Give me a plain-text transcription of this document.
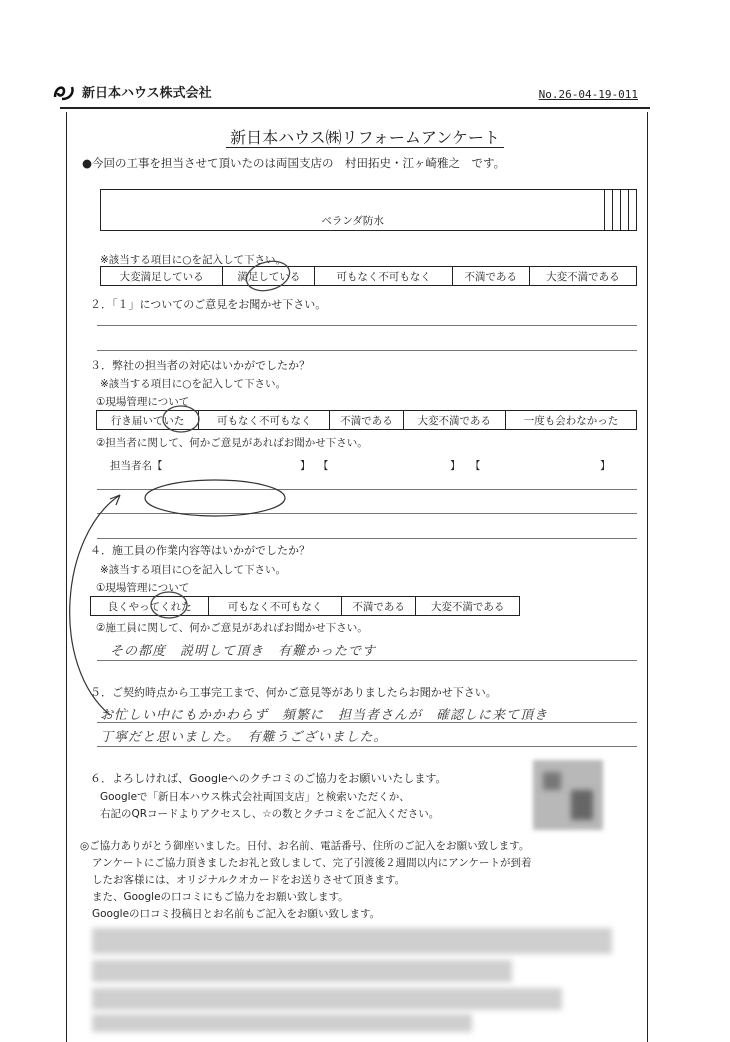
新日本ハウス株式会社	No.26-04-19-011
新日本ハウス㈱リフォームアンケート
●今回の工事を担当させて頂いたのは両国支店の　村田拓史・江ヶ崎雅之　です。
ベランダ防水				
※該当する項目に○を記入して下さい。
大変満足している	満足している	可もなく不可もなく	不満である	大変不満である
２．「１」についてのご意見をお聞かせ下さい。
３．弊社の担当者の対応はいかがでしたか？
※該当する項目に○を記入して下さい。
①現場管理について
行き届いていた	可もなく不可もなく	不満である	大変不満である	一度も会わなかった
②担当者に関して、何かご意見があればお聞かせ下さい。
担当者名【	】 【	】 【	】
４．施工員の作業内容等はいかがでしたか？
※該当する項目に○を記入して下さい。
①現場管理について
良くやってくれた	可もなく不可もなく	不満である	大変不満である
②施工員に関して、何かご意見があればお聞かせ下さい。
その都度　説明して頂き　有難かったです
５．ご契約時点から工事完工まで、何かご意見等がありましたらお聞かせ下さい。
お忙しい中にもかかわらず　頻繁に　担当者さんが　確認しに来て頂き
丁寧だと思いました。　有難うございました。
６．よろしければ、Googleへのクチコミのご協力をお願いいたします。
Googleで「新日本ハウス株式会社両国支店」と検索いただくか、
右記のQRコードよりアクセスし、☆の数とクチコミをご記入ください。
◎ご協力ありがとう御座いました。日付、お名前、電話番号、住所のご記入をお願い致します。
アンケートにご協力頂きましたお礼と致しまして、完了引渡後２週間以内にアンケートが到着
したお客様には、オリジナルクオカードをお送りさせて頂きます。
また、Googleの口コミにもご協力をお願い致します。
Googleの口コミ投稿日とお名前もご記入をお願い致します。
